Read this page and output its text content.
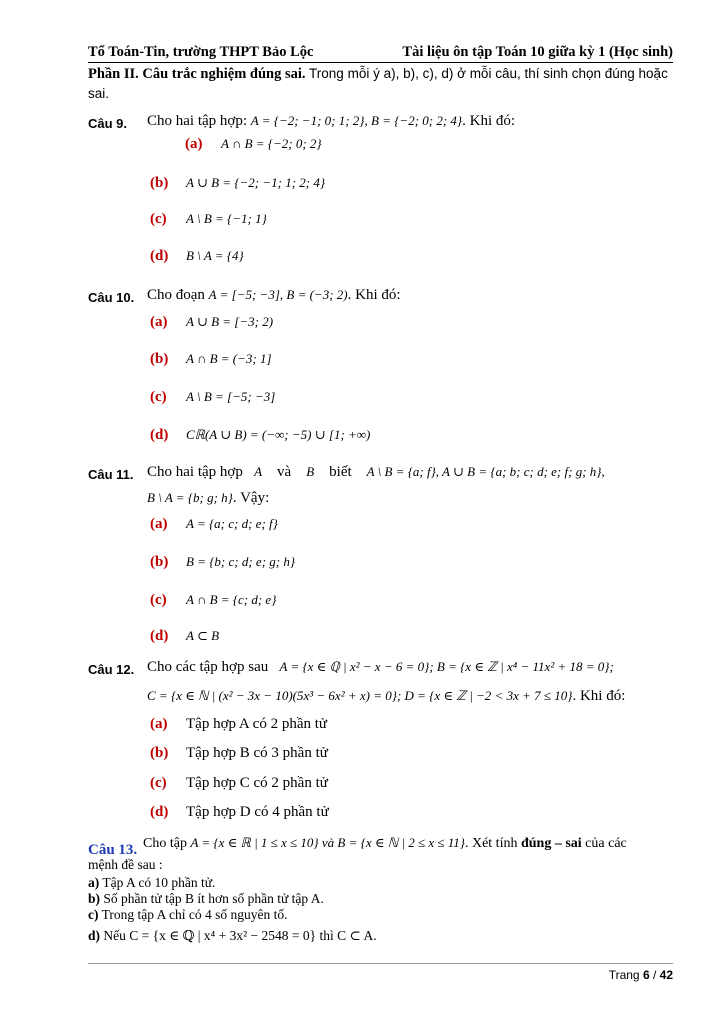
Tổ Toán-Tin, trường THPT Bảo Lộc	Tài liệu ôn tập Toán 10 giữa kỳ 1 (Học sinh)
Phần II. Câu trắc nghiệm đúng sai. Trong mỗi ý a), b), c), d) ở mỗi câu, thí sinh chọn đúng hoặc
sai.
Câu 9. Cho hai tập hợp: A = {−2; −1; 0; 1; 2}, B = {−2; 0; 2; 4}. Khi đó:
(a) A ∩ B = {−2; 0; 2}
(b) A ∪ B = {−2; −1; 1; 2; 4}
(c) A \ B = {−1; 1}
(d) B \ A = {4}
Câu 10. Cho đoạn A = [−5; −3], B = (−3; 2). Khi đó:
(a) A ∪ B = [−3; 2)
(b) A ∩ B = (−3; 1]
(c) A \ B = [−5; −3]
(d) Cℝ(A ∪ B) = (−∞; −5) ∪ [1; +∞)
Câu 11. Cho hai tập hợp A và B biết A \ B = {a; f}, A ∪ B = {a; b; c; d; e; f; g; h},
B \ A = {b; g; h}. Vậy:
(a) A = {a; c; d; e; f}
(b) B = {b; c; d; e; g; h}
(c) A ∩ B = {c; d; e}
(d) A ⊂ B
Câu 12. Cho các tập hợp sau A = {x ∈ ℚ | x² − x − 6 = 0}; B = {x ∈ ℤ | x⁴ − 11x² + 18 = 0};
C = {x ∈ ℕ | (x² − 3x − 10)(5x³ − 6x² + x) = 0}; D = {x ∈ ℤ | −2 < 3x + 7 ≤ 10}. Khi đó:
(a) Tập hợp A có 2 phần tử
(b) Tập hợp B có 3 phần tử
(c) Tập hợp C có 2 phần tử
(d) Tập hợp D có 4 phần tử
Câu 13. Cho tập A = {x ∈ ℝ | 1 ≤ x ≤ 10} và B = {x ∈ ℕ | 2 ≤ x ≤ 11}. Xét tính đúng – sai của các
mệnh đề sau :
a) Tập A có 10 phần tử.
b) Số phần tử tập B ít hơn số phần tử tập A.
c) Trong tập A chỉ có 4 số nguyên tố.
d) Nếu C = {x ∈ ℚ | x⁴ + 3x² − 2548 = 0} thì C ⊂ A.
Trang 6 / 42
